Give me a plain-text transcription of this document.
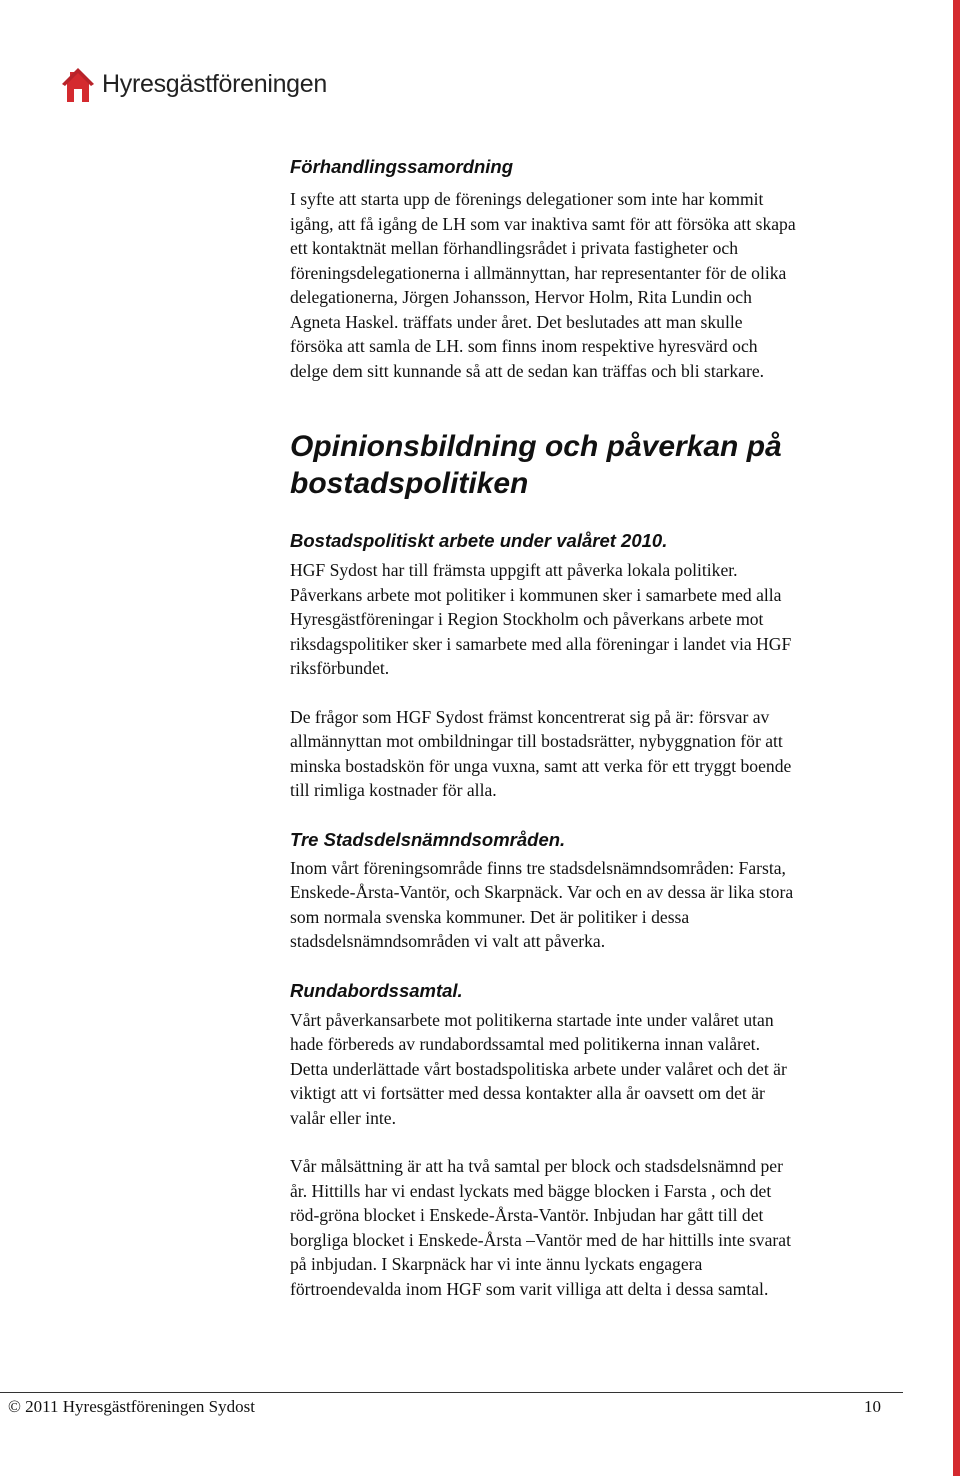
Hyresgästföreningen
Förhandlingssamordning

I syfte att starta upp de förenings delegationer som inte har kommit
igång, att få igång de LH som var inaktiva samt för att försöka att skapa
ett kontaktnät mellan förhandlingsrådet i privata fastigheter och
föreningsdelegationerna i allmännyttan, har representanter för de olika
delegationerna, Jörgen Johansson, Hervor Holm, Rita Lundin och
Agneta Haskel. träffats under året. Det beslutades att man skulle
försöka att samla de LH. som finns inom respektive hyresvärd och
delge dem sitt kunnande så att de sedan kan träffas och bli starkare.

Opinionsbildning och påverkan på
bostadspolitiken
Bostadspolitiskt arbete under valåret 2010.

HGF Sydost har till främsta uppgift att påverka lokala politiker.
Påverkans arbete mot politiker i kommunen sker i samarbete med alla
Hyresgästföreningar i Region Stockholm och påverkans arbete mot
riksdagspolitiker sker i samarbete med alla föreningar i landet via HGF
riksförbundet.

De frågor som HGF Sydost främst koncentrerat sig på är: försvar av
allmännyttan mot ombildningar till bostadsrätter, nybyggnation för att
minska bostadskön för unga vuxna, samt att verka för ett tryggt boende
till rimliga kostnader för alla.

Tre Stadsdelsnämndsområden.

Inom vårt föreningsområde finns tre stadsdelsnämndsområden: Farsta,
Enskede-Årsta-Vantör, och Skarpnäck. Var och en av dessa är lika stora
som normala svenska kommuner. Det är politiker i dessa
stadsdelsnämndsområden vi valt att påverka.

Rundabordssamtal.

Vårt påverkansarbete mot politikerna startade inte under valåret utan
hade förbereds av rundabordssamtal med politikerna innan valåret.
Detta underlättade vårt bostadspolitiska arbete under valåret och det är
viktigt att vi fortsätter med dessa kontakter alla år oavsett om det är
valår eller inte.

Vår målsättning är att ha två samtal per block och stadsdelsnämnd per
år. Hittills har vi endast lyckats med bägge blocken i Farsta , och det
röd-gröna blocket i Enskede-Årsta-Vantör. Inbjudan har gått till det
borgliga blocket i Enskede-Årsta –Vantör med de har hittills inte svarat
på inbjudan. I Skarpnäck har vi inte ännu lyckats engagera
förtroendevalda inom HGF som varit villiga att delta i dessa samtal.

© 2011 Hyresgästföreningen Sydost	10
